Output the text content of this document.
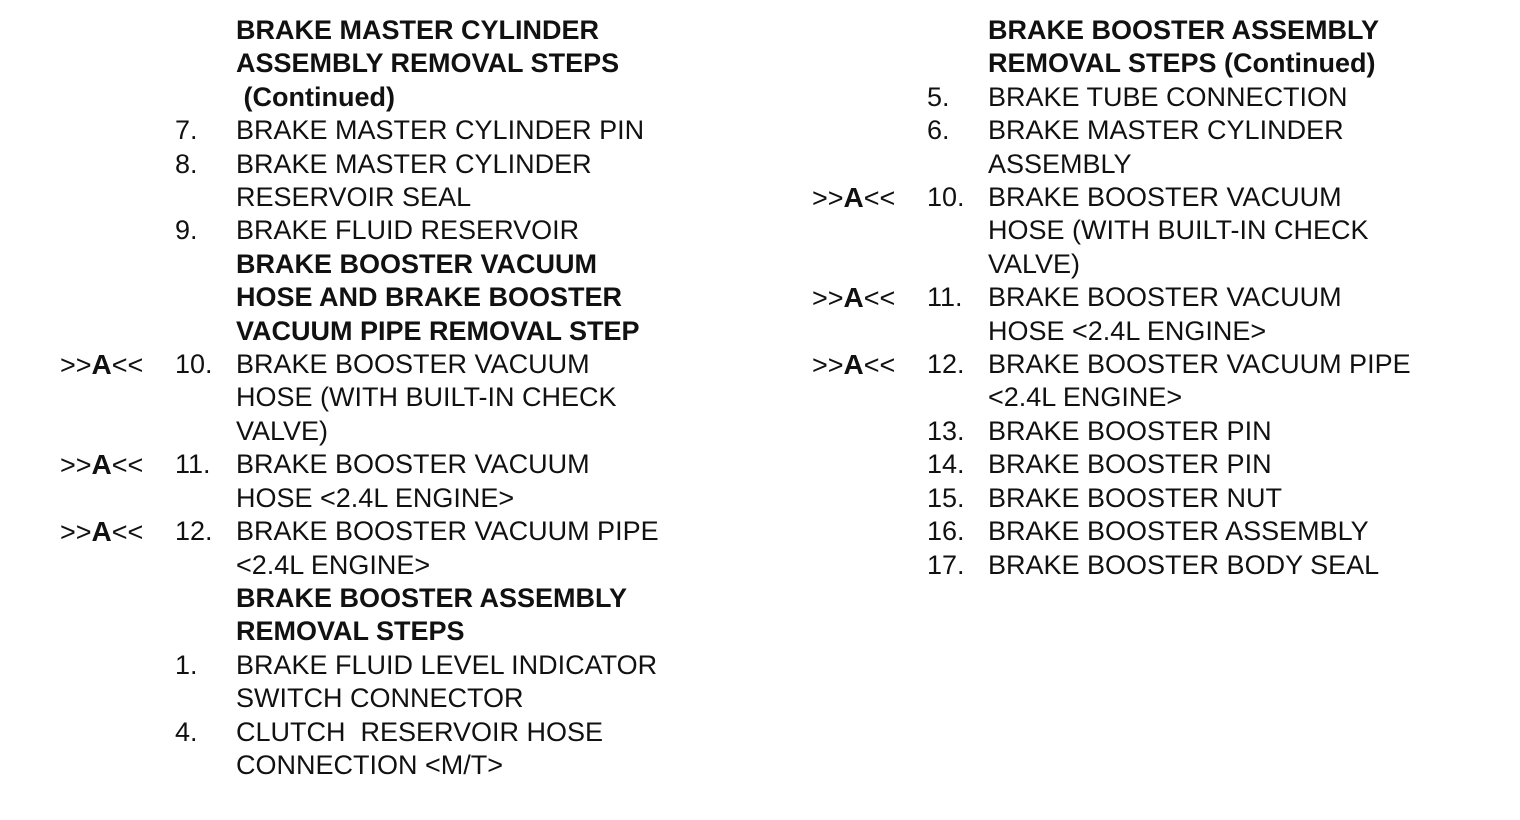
BRAKE MASTER CYLINDER
ASSEMBLY REMOVAL STEPS
(Continued)
7. BRAKE MASTER CYLINDER PIN
8. BRAKE MASTER CYLINDER
RESERVOIR SEAL
9. BRAKE FLUID RESERVOIR
BRAKE BOOSTER VACUUM
HOSE AND BRAKE BOOSTER
VACUUM PIPE REMOVAL STEP
>>A<< 10. BRAKE BOOSTER VACUUM
HOSE (WITH BUILT-IN CHECK
VALVE)
>>A<< 11. BRAKE BOOSTER VACUUM
HOSE <2.4L ENGINE>
>>A<< 12. BRAKE BOOSTER VACUUM PIPE
<2.4L ENGINE>
BRAKE BOOSTER ASSEMBLY
REMOVAL STEPS
1. BRAKE FLUID LEVEL INDICATOR
SWITCH CONNECTOR
4. CLUTCH  RESERVOIR HOSE
CONNECTION <M/T>
BRAKE BOOSTER ASSEMBLY
REMOVAL STEPS (Continued)
5. BRAKE TUBE CONNECTION
6. BRAKE MASTER CYLINDER
ASSEMBLY
>>A<< 10. BRAKE BOOSTER VACUUM
HOSE (WITH BUILT-IN CHECK
VALVE)
>>A<< 11. BRAKE BOOSTER VACUUM
HOSE <2.4L ENGINE>
>>A<< 12. BRAKE BOOSTER VACUUM PIPE
<2.4L ENGINE>
13. BRAKE BOOSTER PIN
14. BRAKE BOOSTER PIN
15. BRAKE BOOSTER NUT
16. BRAKE BOOSTER ASSEMBLY
17. BRAKE BOOSTER BODY SEAL
